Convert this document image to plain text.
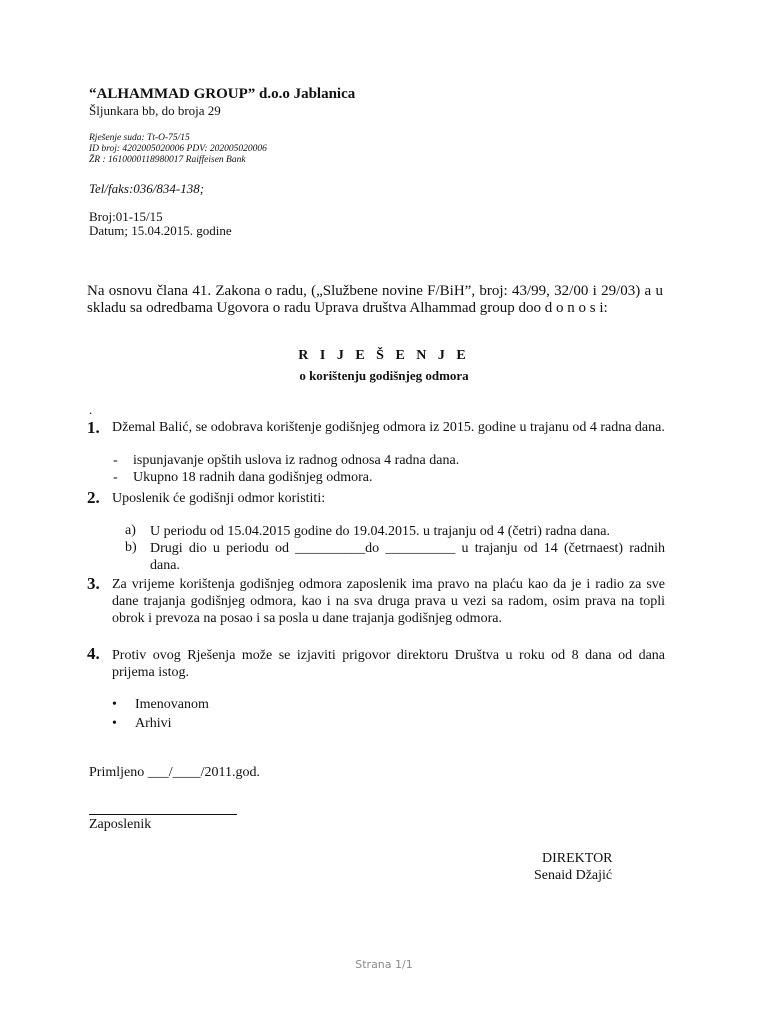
“ALHAMMAD GROUP” d.o.o Jablanica
Šljunkara bb, do broja 29
Rješenje suda: Tt-O-75/15
ID broj: 4202005020006 PDV: 202005020006
ŽR : 1610000118980017 Raiffeisen Bank
Tel/faks:036/834-138;
Broj:01-15/15
Datum; 15.04.2015. godine
Na osnovu člana 41. Zakona o radu, („Službene novine F/BiH”, broj: 43/99, 32/00 i 29/03) a u skladu sa odredbama Ugovora o radu Uprava društva Alhammad group doo d o n o s i:
R I J E Š E N J E
o korištenju godišnjeg odmora
.
1. Džemal Balić, se odobrava korištenje godišnjeg odmora iz 2015. godine u trajanu od 4 radna dana.
- ispunjavanje opštih uslova iz radnog odnosa 4 radna dana.
- Ukupno 18 radnih dana godišnjeg odmora.
2. Uposlenik će godišnji odmor koristiti:
a) U periodu od 15.04.2015 godine do 19.04.2015. u trajanju od 4 (četri) radna dana.
b) Drugi dio u periodu od __________do __________ u trajanju od 14 (četrnaest) radnih dana.
3. Za vrijeme korištenja godišnjeg odmora zaposlenik ima pravo na plaću kao da je i radio za sve dane trajanja godišnjeg odmora, kao i na sva druga prava u vezi sa radom, osim prava na topli obrok i prevoza na posao i sa posla u dane trajanja godišnjeg odmora.
4. Protiv ovog Rješenja može se izjaviti prigovor direktoru Društva u roku od 8 dana od dana prijema istog.
• Imenovanom
• Arhivi
Primljeno ___/____/2011.god.
Zaposlenik
DIREKTOR
Senaid Džajić
Strana 1/1
